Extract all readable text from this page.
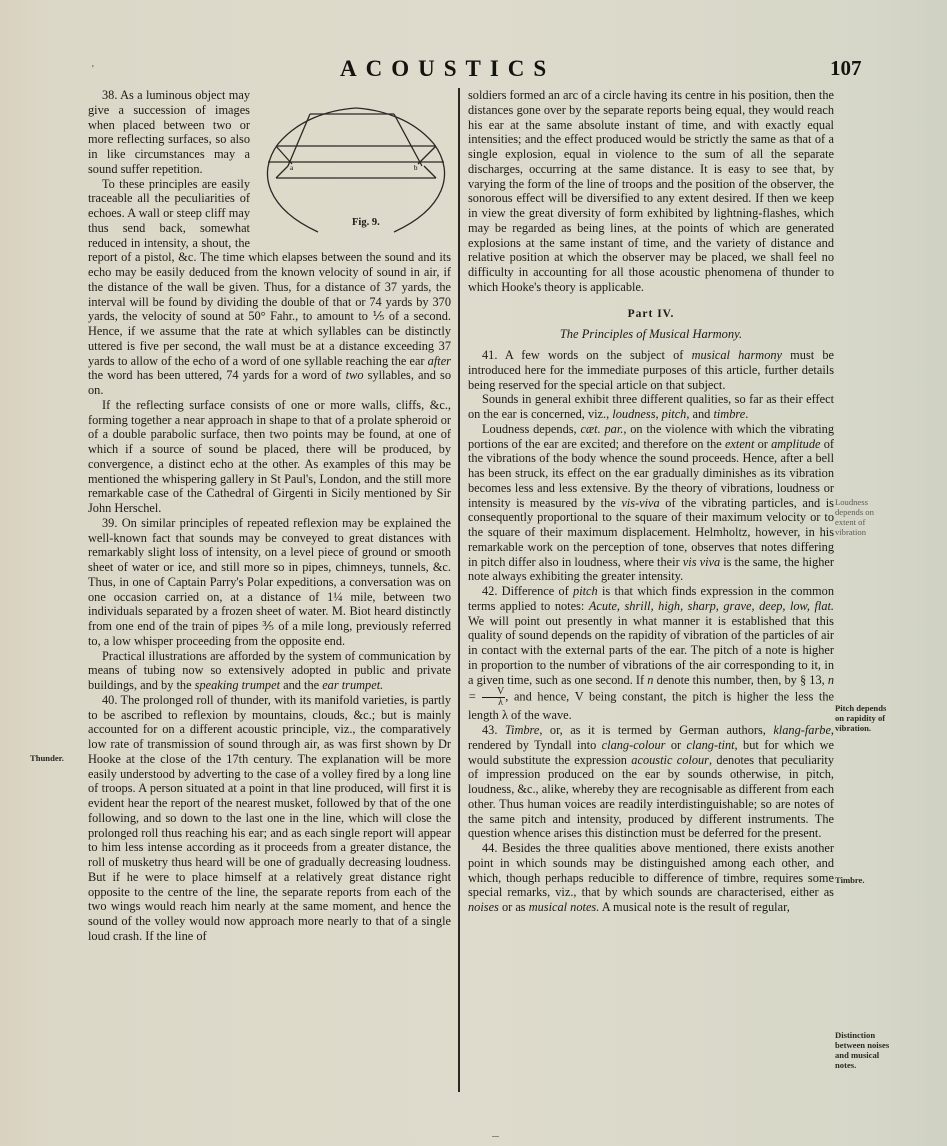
'	ACOUSTICS	107
a	b
Fig. 9.

38. As a luminous object may give a succession of images when placed between two or more reflecting surfaces, so also in like circumstances may a sound suffer repetition.

To these principles are easily traceable all the peculiarities of echoes. A wall or steep cliff may thus send back, somewhat reduced in intensity, a shout, the report of a pistol, &c. The time which elapses between the sound and its echo may be easily deduced from the known velocity of sound in air, if the distance of the wall be given. Thus, for a distance of 37 yards, the interval will be found by dividing the double of that or 74 yards by 370 yards, the velocity of sound at 50° Fahr., to amount to ⅕ of a second. Hence, if we assume that the rate at which syllables can be distinctly uttered is five per second, the wall must be at a distance exceeding 37 yards to allow of the echo of a word of one syllable reaching the ear after the word has been uttered, 74 yards for a word of two syllables, and so on.

If the reflecting surface consists of one or more walls, cliffs, &c., forming together a near approach in shape to that of a prolate spheroid or of a double parabolic surface, then two points may be found, at one of which if a source of sound be placed, there will be produced, by convergence, a distinct echo at the other. As examples of this may be mentioned the whispering gallery in St Paul's, London, and the still more remarkable case of the Cathedral of Girgenti in Sicily mentioned by Sir John Herschel.

39. On similar principles of repeated reflexion may be explained the well-known fact that sounds may be conveyed to great distances with remarkably slight loss of intensity, on a level piece of ground or smooth sheet of water or ice, and still more so in pipes, chimneys, tunnels, &c. Thus, in one of Captain Parry's Polar expeditions, a conversation was on one occasion carried on, at a distance of 1¼ mile, between two individuals separated by a frozen sheet of water. M. Biot heard distinctly from one end of the train of pipes ⅗ of a mile long, previously referred to, a low whisper proceeding from the opposite end.

Practical illustrations are afforded by the system of communication by means of tubing now so extensively adopted in public and private buildings, and by the speaking trumpet and the ear trumpet.

40. The prolonged roll of thunder, with its manifold varieties, is partly to be ascribed to reflexion by mountains, clouds, &c.; but is mainly accounted for on a different acoustic principle, viz., the comparatively low rate of transmission of sound through air, as was first shown by Dr Hooke at the close of the 17th century. The explanation will be more easily understood by adverting to the case of a volley fired by a long line of troops. A person situated at a point in that line produced, will first it is evident hear the report of the nearest musket, followed by that of the one following, and so down to the last one in the line, which will close the prolonged roll thus reaching his ear; and as each single report will appear to him less intense according as it proceeds from a greater distance, the roll of musketry thus heard will be one of gradually decreasing loudness. But if he were to place himself at a relatively great distance right opposite to the centre of the line, the separate reports from each of the two wings would reach him nearly at the same moment, and hence the sound of the volley would now approach more nearly to that of a single loud crash. If the line of

Thunder.

soldiers formed an arc of a circle having its centre in his position, then the distances gone over by the separate reports being equal, they would reach his ear at the same absolute instant of time, and with exactly equal intensities; and the effect produced would be strictly the same as that of a single explosion, equal in violence to the sum of all the separate discharges, occurring at the same distance. It is easy to see that, by varying the form of the line of troops and the position of the observer, the sonorous effect will be diversified to any extent desired. If then we keep in view the great diversity of form exhibited by lightning-flashes, which may be regarded as being lines, at the points of which are generated explosions at the same instant of time, and the variety of distance and relative position at which the observer may be placed, we shall feel no difficulty in accounting for all those acoustic phenomena of thunder to which Hooke's theory is applicable.

Part IV.
The Principles of Musical Harmony.

41. A few words on the subject of musical harmony must be introduced here for the immediate purposes of this article, further details being reserved for the special article on that subject.

Sounds in general exhibit three different qualities, so far as their effect on the ear is concerned, viz., loudness, pitch, and timbre.

Loudness depends, cæt. par., on the violence with which the vibrating portions of the ear are excited; and therefore on the extent or amplitude of the vibrations of the body whence the sound proceeds. Hence, after a bell has been struck, its effect on the ear gradually diminishes as its vibration becomes less and less extensive. By the theory of vibrations, loudness or intensity is measured by the vis-viva of the vibrating particles, and is consequently proportional to the square of their maximum velocity or to the square of their maximum displacement. Helmholtz, however, in his remarkable work on the perception of tone, observes that notes differing in pitch differ also in loudness, where their vis viva is the same, the higher note always exhibiting the greater intensity.

42. Difference of pitch is that which finds expression in the common terms applied to notes: Acute, shrill, high, sharp, grave, deep, low, flat. We will point out presently in what manner it is established that this quality of sound depends on the rapidity of vibration of the particles of air in contact with the external parts of the ear. The pitch of a note is higher in proportion to the number of vibrations of the air corresponding to it, in a given time, such as one second. If n denote this number, then, by § 13, $n = \frac{V}{\lambda}$ , and hence, V being constant, the pitch is higher the less the length λ of the wave.

43. Timbre, or, as it is termed by German authors, klang-farbe, rendered by Tyndall into clang-colour or clang-tint, but for which we would substitute the expression acoustic colour, denotes that peculiarity of impression produced on the ear by sounds otherwise, in pitch, loudness, &c., alike, whereby they are recognisable as different from each other. Thus human voices are readily interdistinguishable; so are notes of the same pitch and intensity, produced by different instruments. The question whence arises this distinction must be deferred for the present.

44. Besides the three qualities above mentioned, there exists another point in which sounds may be distinguished among each other, and which, though perhaps reducible to difference of timbre, requires some special remarks, viz., that by which sounds are characterised, either as noises or as musical notes. A musical note is the result of regular,

Loudness depends on extent of vibration
Pitch depends on rapidity of vibration.
Timbre.
Distinction between noises and musical notes.
